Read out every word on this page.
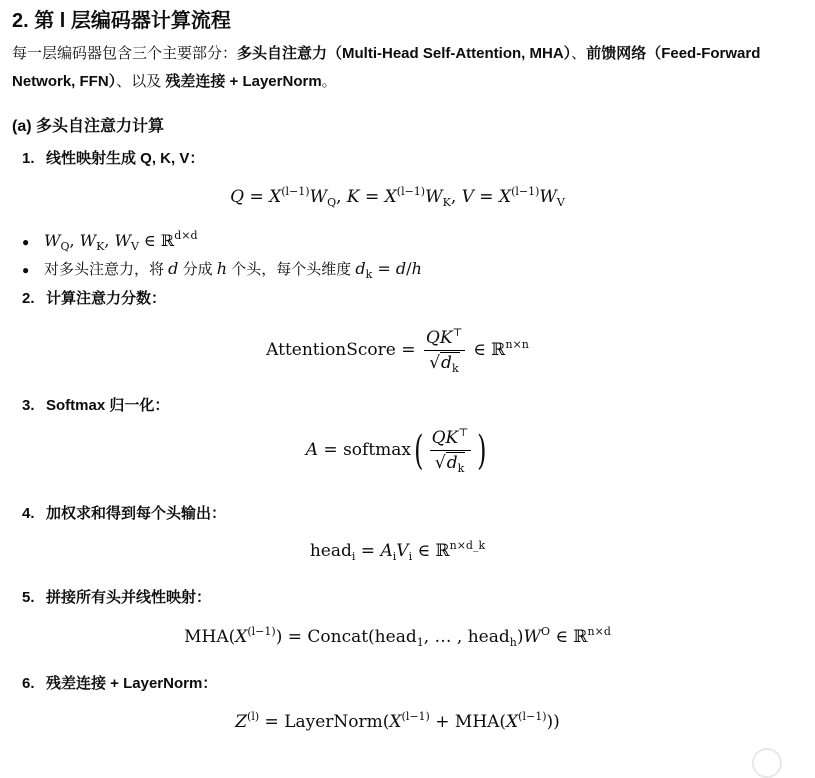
2. 第 l 层编码器计算流程
每一层编码器包含三个主要部分：多头自注意力（Multi-Head Self-Attention, MHA）、前馈网络（Feed-Forward Network, FFN）、以及 残差连接 + LayerNorm。
(a) 多头自注意力计算
1. 线性映射生成 Q, K, V：
$Q = X^{(l-1)}W_Q$, $K = X^{(l-1)}W_K$, $V = X^{(l-1)}W_V$
● $W_Q$, $W_K$, $W_V$ ∈ ℝ$^{d\times d}$
● 对多头注意力，将 d 分成 h 个头，每个头维度 $d_k = d/h$
2. 计算注意力分数：
AttentionScore = $\frac{QK^⊤}{√d_k}$ ∈ ℝ$^{n\times n}$
3. Softmax 归一化：
A = softmax( $\frac{QK^⊤}{√d_k}$ )
4. 加权求和得到每个头输出：
head$_i$ = $A_iV_i$ ∈ ℝ$^{n\times d\_k}$
5. 拼接所有头并线性映射：
$MHA(X^{(l-1)})$ = Concat(head$_1$, … , $head_h)W^O$ ∈ ℝ$^{n\times d}$
6. 残差连接 + LayerNorm：
$Z^{(l)}$ = $LayerNorm(X^{(l-1)} + MHA(X^{(l-1)}))$
